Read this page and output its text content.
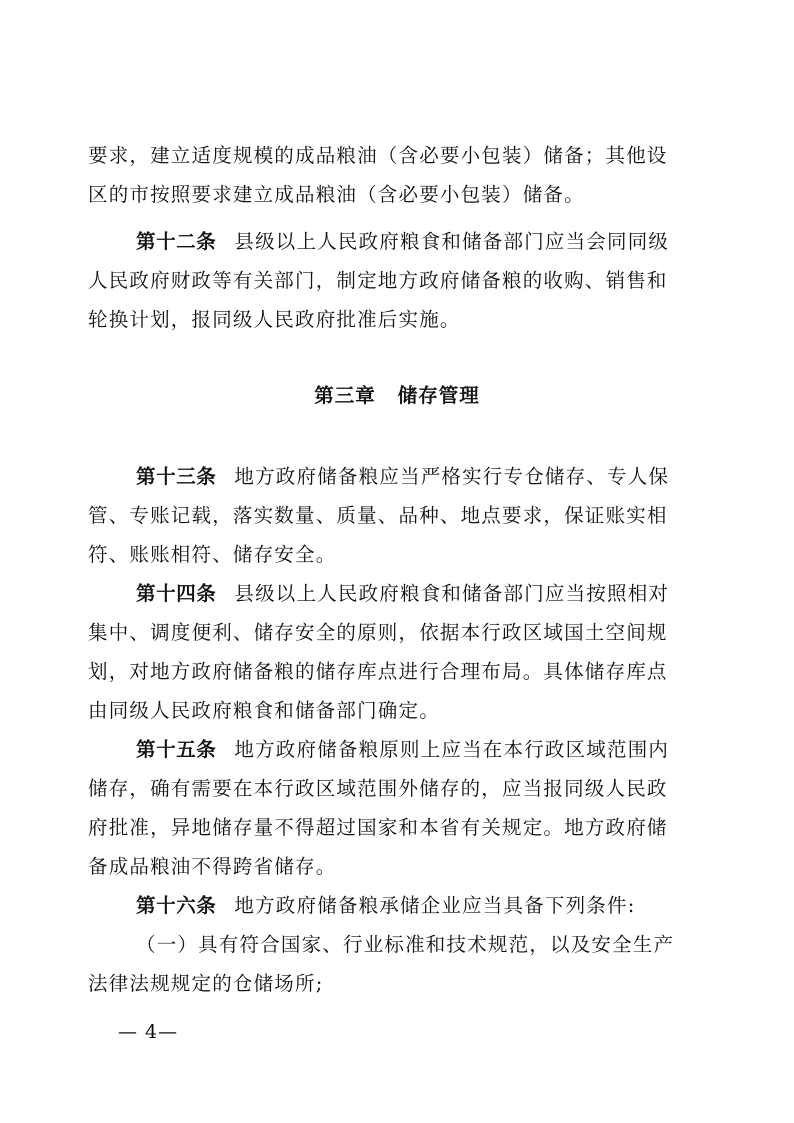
要求，建立适度规模的成品粮油（含必要小包装）储备；其他设
区的市按照要求建立成品粮油（含必要小包装）储备。
第十二条 县级以上人民政府粮食和储备部门应当会同同级
人民政府财政等有关部门，制定地方政府储备粮的收购、销售和
轮换计划，报同级人民政府批准后实施。
第三章 储存管理
第十三条 地方政府储备粮应当严格实行专仓储存、专人保
管、专账记载，落实数量、质量、品种、地点要求，保证账实相
符、账账相符、储存安全。
第十四条 县级以上人民政府粮食和储备部门应当按照相对
集中、调度便利、储存安全的原则，依据本行政区域国土空间规
划，对地方政府储备粮的储存库点进行合理布局。具体储存库点
由同级人民政府粮食和储备部门确定。
第十五条 地方政府储备粮原则上应当在本行政区域范围内
储存，确有需要在本行政区域范围外储存的，应当报同级人民政
府批准，异地储存量不得超过国家和本省有关规定。地方政府储
备成品粮油不得跨省储存。
第十六条 地方政府储备粮承储企业应当具备下列条件:
（一）具有符合国家、行业标准和技术规范，以及安全生产
法律法规规定的仓储场所;
— 4—
